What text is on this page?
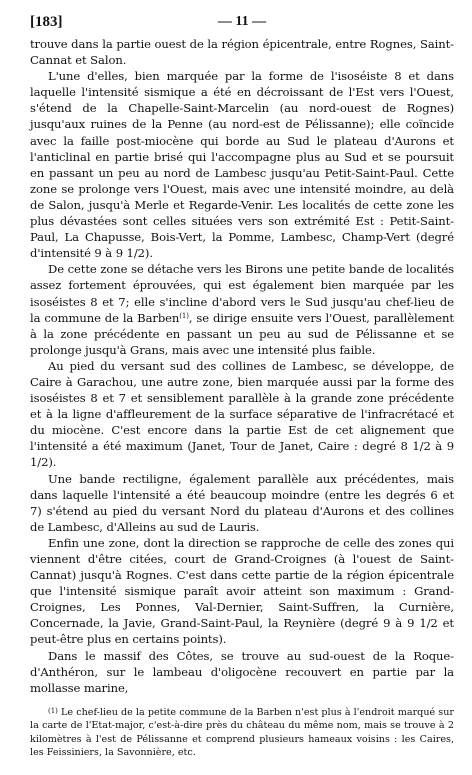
[183]	— 11 —

trouve dans la partie ouest de la région épicentrale, entre Rognes, Saint-Cannat et Salon.

L'une d'elles, bien marquée par la forme de l'isoséiste 8 et dans laquelle l'intensité sismique a été en décroissant de l'Est vers l'Ouest, s'étend de la Chapelle-Saint-Marcelin (au nord-ouest de Rognes) jusqu'aux ruines de la Penne (au nord-est de Pélissanne); elle coïncide avec la faille post-miocène qui borde au Sud le plateau d'Aurons et l'anticlinal en partie brisé qui l'accompagne plus au Sud et se poursuit en passant un peu au nord de Lambesc jusqu'au Petit-Saint-Paul. Cette zone se prolonge vers l'Ouest, mais avec une intensité moindre, au delà de Salon, jusqu'à Merle et Regarde-Venir. Les localités de cette zone les plus dévastées sont celles situées vers son extrémité Est : Petit-Saint-Paul, La Chapusse, Bois-Vert, la Pomme, Lambesc, Champ-Vert (degré d'intensité 9 à 9 1/2).

De cette zone se détache vers les Birons une petite bande de localités assez fortement éprouvées, qui est également bien marquée par les isoséistes 8 et 7; elle s'incline d'abord vers le Sud jusqu'au chef-lieu de la commune de la Barben$^{(1)}$, se dirige ensuite vers l'Ouest, parallèlement à la zone précédente en passant un peu au sud de Pélissanne et se prolonge jusqu'à Grans, mais avec une intensité plus faible.

Au pied du versant sud des collines de Lambesc, se développe, de Caire à Garachou, une autre zone, bien marquée aussi par la forme des isoséistes 8 et 7 et sensiblement parallèle à la grande zone précédente et à la ligne d'affleurement de la surface séparative de l'infracrétacé et du miocène. C'est encore dans la partie Est de cet alignement que l'intensité a été maximum (Janet, Tour de Janet, Caire : degré 8 1/2 à 9 1/2).

Une bande rectiligne, également parallèle aux précédentes, mais dans laquelle l'intensité a été beaucoup moindre (entre les degrés 6 et 7) s'étend au pied du versant Nord du plateau d'Aurons et des collines de Lambesc, d'Alleins au sud de Lauris.

Enfin une zone, dont la direction se rapproche de celle des zones qui viennent d'être citées, court de Grand-Croignes (à l'ouest de Saint-Cannat) jusqu'à Rognes. C'est dans cette partie de la région épicentrale que l'intensité sismique paraît avoir atteint son maximum : Grand-Croignes, Les Ponnes, Val-Dernier, Saint-Suffren, la Curnière, Concernade, la Javie, Grand-Saint-Paul, la Reynière (degré 9 à 9 1/2 et peut-être plus en certains points).

Dans le massif des Côtes, se trouve au sud-ouest de la Roque-d'Anthéron, sur le lambeau d'oligocène recouvert en partie par la mollasse marine,

$^{(1)}$ Le chef-lieu de la petite commune de la Barben n'est plus à l'endroit marqué sur la carte de l'Etat-major, c'est-à-dire près du château du même nom, mais se trouve à 2 kilomètres à l'est de Pélissanne et comprend plusieurs hameaux voisins : les Caires, les Feissiniers, la Savonnière, etc.
